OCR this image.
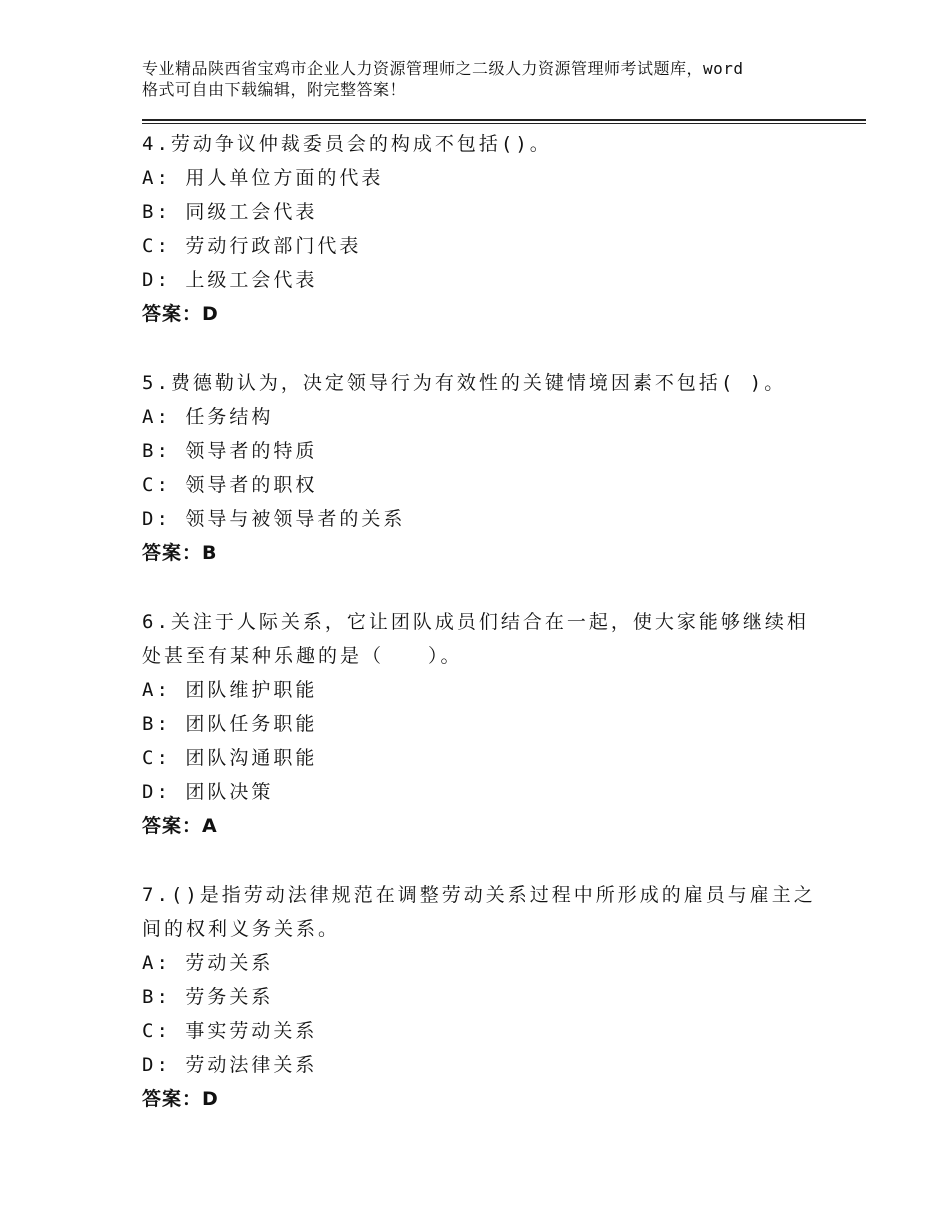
专业精品陕西省宝鸡市企业人力资源管理师之二级人力资源管理师考试题库，word
格式可自由下载编辑，附完整答案！
4.劳动争议仲裁委员会的构成不包括()。
A: 用人单位方面的代表
B: 同级工会代表
C: 劳动行政部门代表
D: 上级工会代表
答案：D
5.费德勒认为，决定领导行为有效性的关键情境因素不包括( )。
A: 任务结构
B: 领导者的特质
C: 领导者的职权
D: 领导与被领导者的关系
答案：B
6.关注于人际关系，它让团队成员们结合在一起，使大家能够继续相
处甚至有某种乐趣的是（　　）。
A: 团队维护职能
B: 团队任务职能
C: 团队沟通职能
D: 团队决策
答案：A
7.()是指劳动法律规范在调整劳动关系过程中所形成的雇员与雇主之
间的权利义务关系。
A: 劳动关系
B: 劳务关系
C: 事实劳动关系
D: 劳动法律关系
答案：D
